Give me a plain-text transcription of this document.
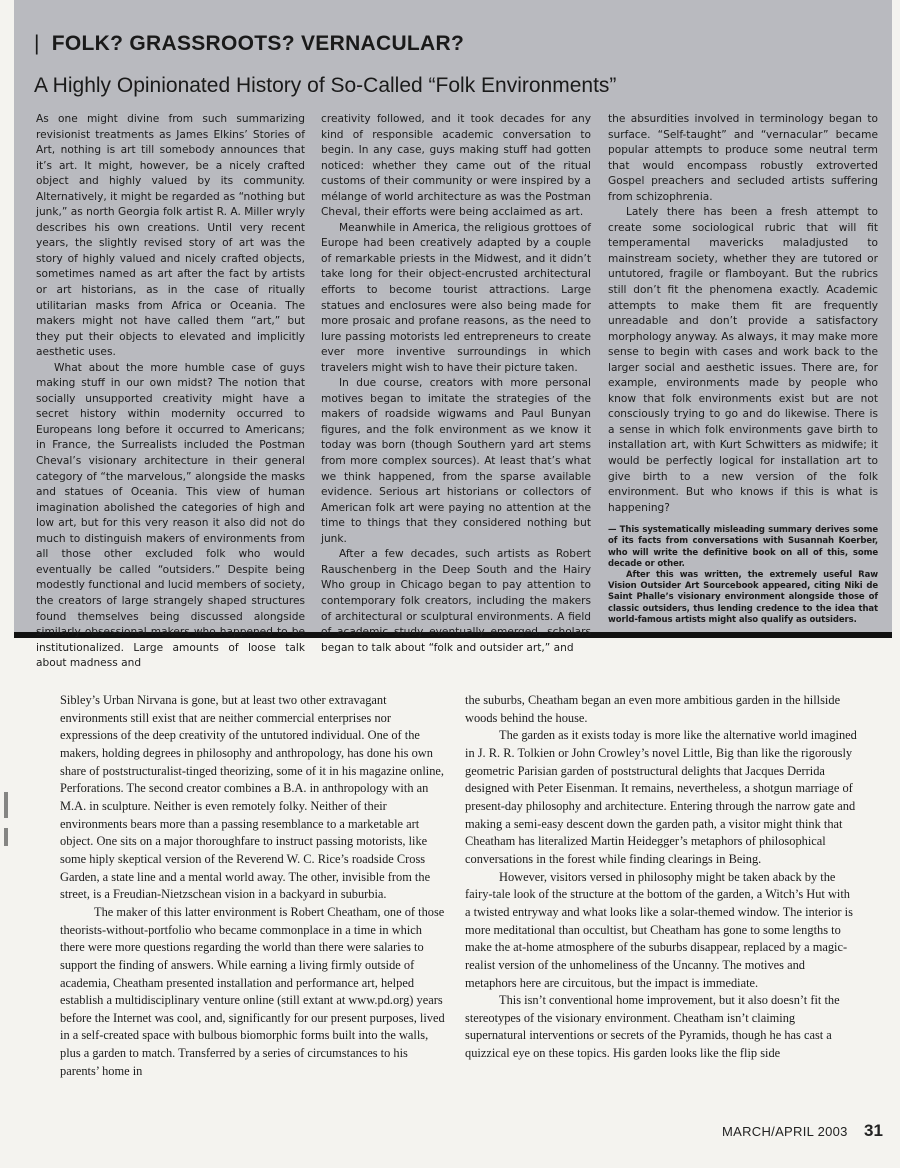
| FOLK? GRASSROOTS? VERNACULAR?
A Highly Opinionated History of So-Called “Folk Environments”

As one might divine from such summarizing revisionist treatments as James Elkins’ Stories of Art, nothing is art till somebody announces that it’s art. It might, however, be a nicely crafted object and highly valued by its community. Alternatively, it might be regarded as “nothing but junk,” as north Georgia folk artist R. A. Miller wryly describes his own creations. Until very recent years, the slightly revised story of art was the story of highly valued and nicely crafted objects, sometimes named as art after the fact by artists or art historians, as in the case of ritually utilitarian masks from Africa or Oceania. The makers might not have called them “art,” but they put their objects to elevated and implicitly aesthetic uses.

What about the more humble case of guys making stuff in our own midst? The notion that socially unsupported creativity might have a secret history within modernity occurred to Europeans long before it occurred to Americans; in France, the Surrealists included the Postman Cheval’s visionary architecture in their general category of “the marvelous,” alongside the masks and statues of Oceania. This view of human imagination abolished the categories of high and low art, but for this very reason it also did not do much to distinguish makers of environments from all those other excluded folk who would eventually be called “outsiders.” Despite being modestly functional and lucid members of society, the creators of large strangely shaped structures found themselves being discussed alongside similarly obsessional makers who happened to be institutionalized. Large amounts of loose talk about madness and

creativity followed, and it took decades for any kind of responsible academic conversation to begin. In any case, guys making stuff had gotten noticed: whether they came out of the ritual customs of their community or were inspired by a mélange of world architecture as was the Postman Cheval, their efforts were being acclaimed as art.

Meanwhile in America, the religious grottoes of Europe had been creatively adapted by a couple of remarkable priests in the Midwest, and it didn’t take long for their object-encrusted architectural efforts to become tourist attractions. Large statues and enclosures were also being made for more prosaic and profane reasons, as the need to lure passing motorists led entrepreneurs to create ever more inventive surroundings in which travelers might wish to have their picture taken.

In due course, creators with more personal motives began to imitate the strategies of the makers of roadside wigwams and Paul Bunyan figures, and the folk environment as we know it today was born (though Southern yard art stems from more complex sources). At least that’s what we think happened, from the sparse available evidence. Serious art historians or collectors of American folk art were paying no attention at the time to things that they considered nothing but junk.

After a few decades, such artists as Robert Rauschenberg in the Deep South and the Hairy Who group in Chicago began to pay attention to contemporary folk creators, including the makers of architectural or sculptural environments. A field of academic study eventually emerged, scholars began to talk about “folk and outsider art,” and

the absurdities involved in terminology began to surface. “Self-taught” and “vernacular” became popular attempts to produce some neutral term that would encompass robustly extroverted Gospel preachers and secluded artists suffering from schizophrenia.

Lately there has been a fresh attempt to create some sociological rubric that will fit temperamental mavericks maladjusted to mainstream society, whether they are tutored or untutored, fragile or flamboyant. But the rubrics still don’t fit the phenomena exactly. Academic attempts to make them fit are frequently unreadable and don’t provide a satisfactory morphology anyway. As always, it may make more sense to begin with cases and work back to the larger social and aesthetic issues. There are, for example, environments made by people who know that folk environments exist but are not consciously trying to go and do likewise. There is a sense in which folk environments gave birth to installation art, with Kurt Schwitters as midwife; it would be perfectly logical for installation art to give birth to a new version of the folk environment. But who knows if this is what is happening?

— This systematically misleading summary derives some of its facts from conversations with Susannah Koerber, who will write the definitive book on all of this, some decade or other.

After this was written, the extremely useful Raw Vision Outsider Art Sourcebook appeared, citing Niki de Saint Phalle’s visionary environment alongside those of classic outsiders, thus lending credence to the idea that world-famous artists might also qualify as outsiders.

Sibley’s Urban Nirvana is gone, but at least two other extravagant environments still exist that are neither commercial enterprises nor expressions of the deep creativity of the untutored individual. One of the makers, holding degrees in philosophy and anthropology, has done his own share of poststructuralist-tinged theorizing, some of it in his magazine online, Perforations. The second creator combines a B.A. in anthropology with an M.A. in sculpture. Neither is even remotely folky. Neither of their environments bears more than a passing resemblance to a marketable art object. One sits on a major thoroughfare to instruct passing motorists, like some hiply skeptical version of the Reverend W. C. Rice’s roadside Cross Garden, a state line and a mental world away. The other, invisible from the street, is a Freudian-Nietzschean vision in a backyard in suburbia.

The maker of this latter environment is Robert Cheatham, one of those theorists-without-portfolio who became commonplace in a time in which there were more questions regarding the world than there were salaries to support the finding of answers. While earning a living firmly outside of academia, Cheatham presented installation and performance art, helped establish a multidisciplinary venture online (still extant at www.pd.org) years before the Internet was cool, and, significantly for our present purposes, lived in a self-created space with bulbous biomorphic forms built into the walls, plus a garden to match. Transferred by a series of circumstances to his parents’ home in

the suburbs, Cheatham began an even more ambitious garden in the hillside woods behind the house.

The garden as it exists today is more like the alternative world imagined in J. R. R. Tolkien or John Crowley’s novel Little, Big than like the rigorously geometric Parisian garden of poststructural delights that Jacques Derrida designed with Peter Eisenman. It remains, nevertheless, a shotgun marriage of present-day philosophy and architecture. Entering through the narrow gate and making a semi-easy descent down the garden path, a visitor might think that Cheatham has literalized Martin Heidegger’s metaphors of philosophical conversations in the forest while finding clearings in Being.

However, visitors versed in philosophy might be taken aback by the fairy-tale look of the structure at the bottom of the garden, a Witch’s Hut with a twisted entryway and what looks like a solar-themed window. The interior is more meditational than occultist, but Cheatham has gone to some lengths to make the at-home atmosphere of the suburbs disappear, replaced by a magic-realist version of the unhomeliness of the Uncanny. The motives and metaphors here are circuitous, but the impact is immediate.

This isn’t conventional home improvement, but it also doesn’t fit the stereotypes of the visionary environment. Cheatham isn’t claiming supernatural interventions or secrets of the Pyramids, though he has cast a quizzical eye on these topics. His garden looks like the flip side

MARCH/APRIL 2003 31
